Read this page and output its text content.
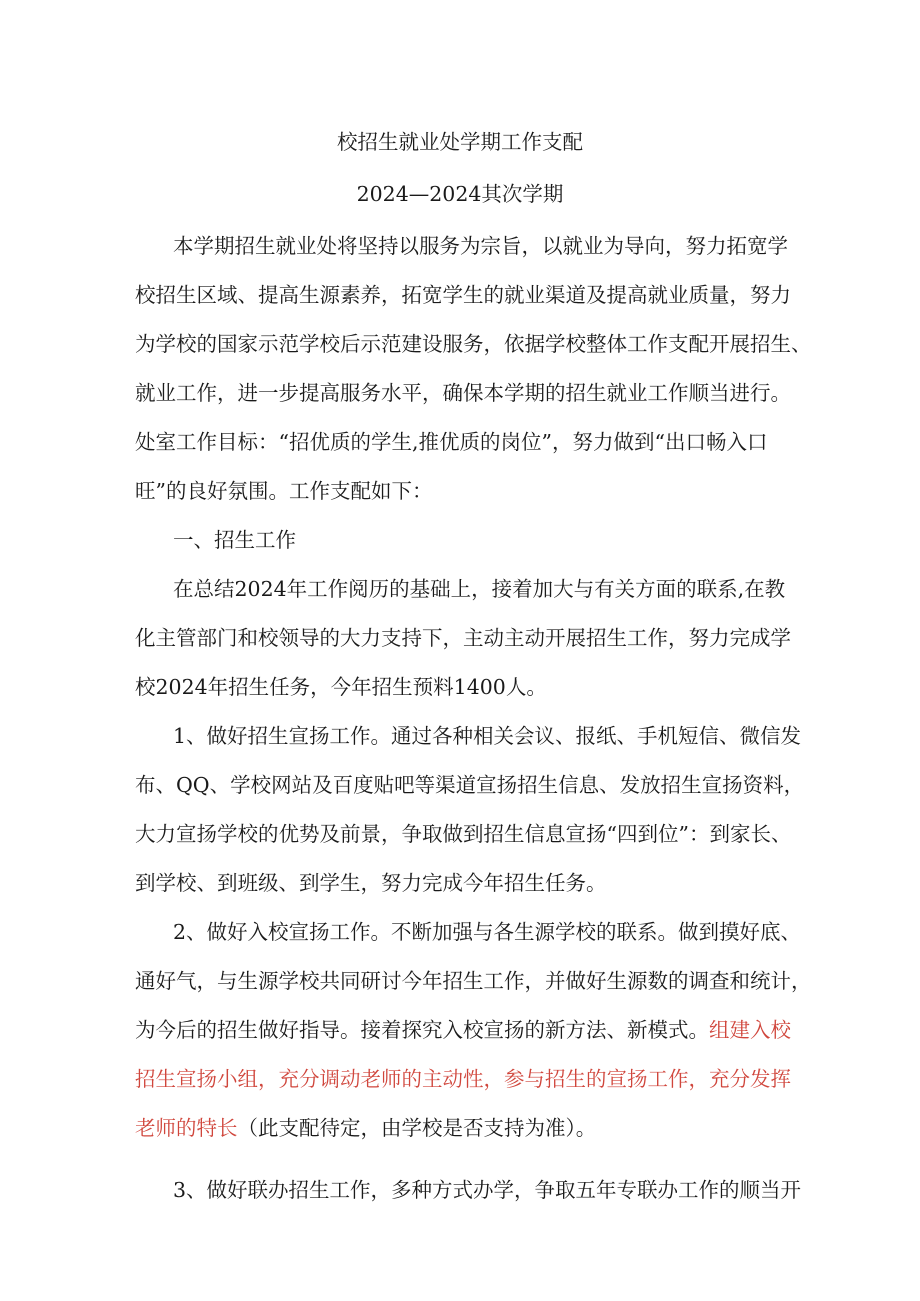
校招生就业处学期工作支配
2024—2024其次学期
本学期招生就业处将坚持以服务为宗旨，以就业为导向，努力拓宽学
校招生区域、提高生源素养，拓宽学生的就业渠道及提高就业质量，努力
为学校的国家示范学校后示范建设服务，依据学校整体工作支配开展招生、
就业工作，进一步提高服务水平，确保本学期的招生就业工作顺当进行。
处室工作目标：“招优质的学生,推优质的岗位”，努力做到“出口畅入口
旺”的良好氛围。工作支配如下：
一、招生工作
在总结2024年工作阅历的基础上，接着加大与有关方面的联系,在教
化主管部门和校领导的大力支持下，主动主动开展招生工作，努力完成学
校2024年招生任务，今年招生预料1400人。
1、做好招生宣扬工作。通过各种相关会议、报纸、手机短信、微信发
布、QQ、学校网站及百度贴吧等渠道宣扬招生信息、发放招生宣扬资料，
大力宣扬学校的优势及前景，争取做到招生信息宣扬“四到位”：到家长、
到学校、到班级、到学生，努力完成今年招生任务。
2、做好入校宣扬工作。不断加强与各生源学校的联系。做到摸好底、
通好气，与生源学校共同研讨今年招生工作，并做好生源数的调查和统计，
为今后的招生做好指导。接着探究入校宣扬的新方法、新模式。组建入校
招生宣扬小组，充分调动老师的主动性，参与招生的宣扬工作，充分发挥
老师的特长（此支配待定，由学校是否支持为准）。
3、做好联办招生工作，多种方式办学，争取五年专联办工作的顺当开
